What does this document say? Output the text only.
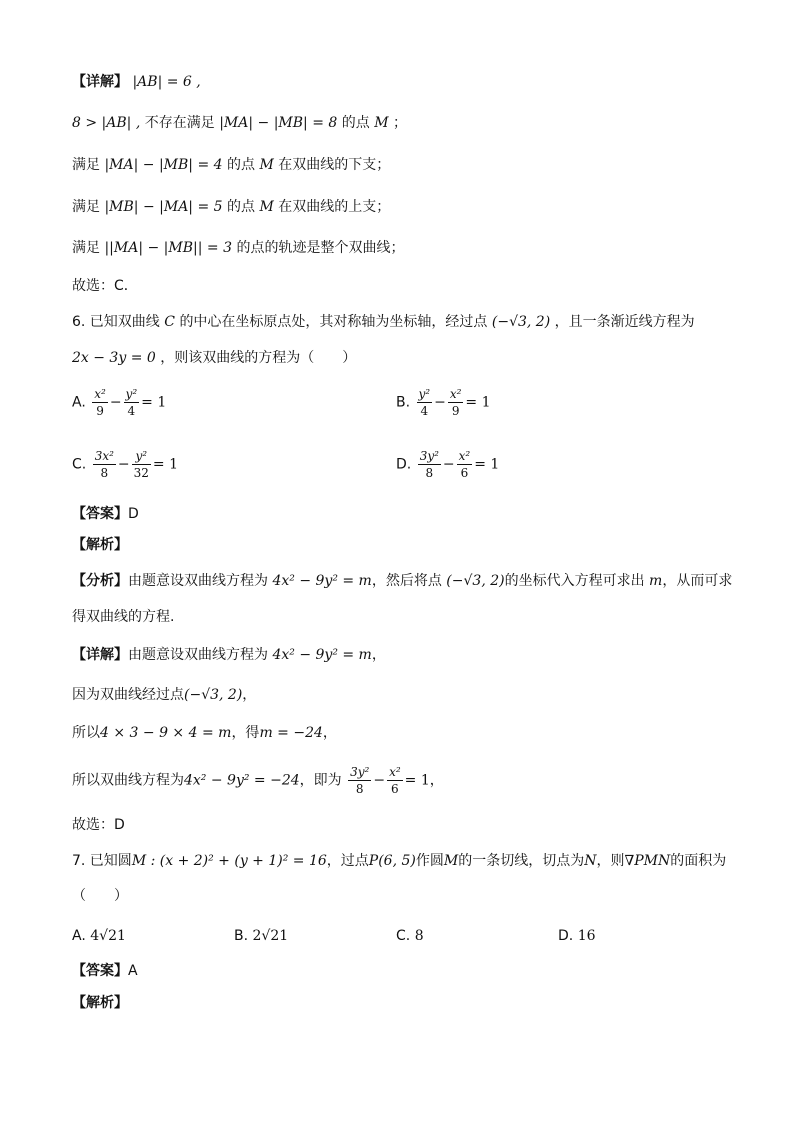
【详解】 |AB| = 6 ,
8 > |AB| , 不存在满足 |MA| − |MB| = 8 的点 M ；
满足 |MA| − |MB| = 4 的点 M 在双曲线的下支；
满足 |MB| − |MA| = 5 的点 M 在双曲线的上支；
满足 ||MA| − |MB|| = 3 的点的轨迹是整个双曲线；
故选：C．
6. 已知双曲线 C 的中心在坐标原点处，其对称轴为坐标轴，经过点 (−√3, 2) ，且一条渐近线方程为
2x − 3y = 0 ，则该双曲线的方程为（　　）
A. $\frac{\text{x²}}{9} - \frac{\text{y²}}{4} = 1$	B. $\frac{\text{y²}}{4} - \frac{\text{x²}}{9} = 1$
C. $\frac{\text{3x²}}{8} - \frac{\text{y²}}{32} = 1$	D. $\frac{\text{3y²}}{8} - \frac{\text{x²}}{6} = 1$
【答案】D
【解析】
【分析】由题意设双曲线方程为 4x² − 9y² = m，然后将点 (−√3, 2)的坐标代入方程可求出 m，从而可求
得双曲线的方程.
【详解】由题意设双曲线方程为 4x² − 9y² = m，
因为双曲线经过点(−√3, 2)，
所以4 × 3 − 9 × 4 = m，得m = −24，
所以双曲线方程为4x² − 9y² = −24，即为 $\frac{\text{3y²}}{8} - \frac{\text{x²}}{6} = 1$，
故选：D
7. 已知圆M : (x + 2)² + (y + 1)² = 16，过点P(6, 5)作圆M的一条切线，切点为N，则∇PMN的面积为
（　　）
A. 4√21	B. 2√21	C. 8	D. 16
【答案】A
【解析】
